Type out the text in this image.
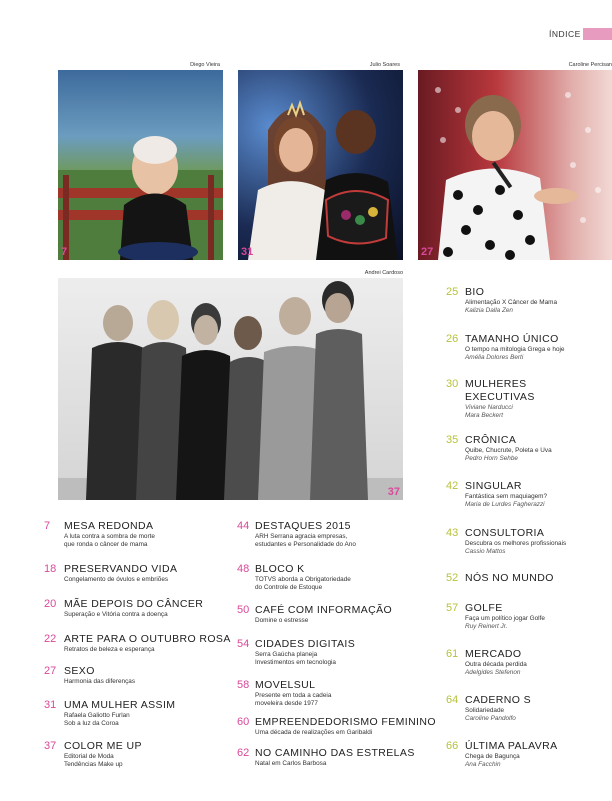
ÍNDICE
Diego Vieira
7
Julio Soares
31
Caroline Percisan
27
Andrei Cardoso
37
25 BIO
Alimentação X Câncer de Mama
Kalizia Dalla Zen
26 TAMANHO ÚNICO
O tempo na mitologia Grega e hoje
Amélia Dolores Berti
30 MULHERES EXECUTIVAS
Viviane Narducci
Mara Beckert
35 CRÔNICA
Quibe, Chucrute, Poleta e Uva
Pedro Horn Sehbe
42 SINGULAR
Fantástica sem maquiagem?
Maria de Lurdes Fagherazzi
43 CONSULTORIA
Descubra os melhores profissionais
Cassio Mattos
52 NÓS NO MUNDO
57 GOLFE
Faça um político jogar Golfe
Ruy Reinert Jr.
61 MERCADO
Outra década perdida
Adelgides Stefenon
64 CADERNO S
Solidariedade
Caroline Pandolfo
66 ÚLTIMA PALAVRA
Chega de Bagunça
Ana Facchin
7 MESA REDONDA
A luta contra a sombra de morte
que ronda o câncer de mama
18 PRESERVANDO VIDA
Congelamento de óvulos e embriões
20 MÃE DEPOIS DO CÂNCER
Superação e Vitória contra a doença
22 ARTE PARA O OUTUBRO ROSA
Retratos de beleza e esperança
27 SEXO
Harmonia das diferenças
31 UMA MULHER ASSIM
Rafaela Galiotto Furlan
Sob a luz da Coroa
37 COLOR ME UP
Editorial de Moda
Tendências Make up
44 DESTAQUES 2015
ARH Serrana agracia empresas,
estudantes e Personalidade do Ano
48 BLOCO K
TOTVS aborda a Obrigatoriedade
do Controle de Estoque
50 CAFÉ COM INFORMAÇÃO
Domine o estresse
54 CIDADES DIGITAIS
Serra Gaúcha planeja
Investimentos em tecnologia
58 MOVELSUL
Presente em toda a cadeia
moveleira desde 1977
60 EMPREENDEDORISMO FEMININO
Uma década de realizações em Garibaldi
62 NO CAMINHO DAS ESTRELAS
Natal em Carlos Barbosa
